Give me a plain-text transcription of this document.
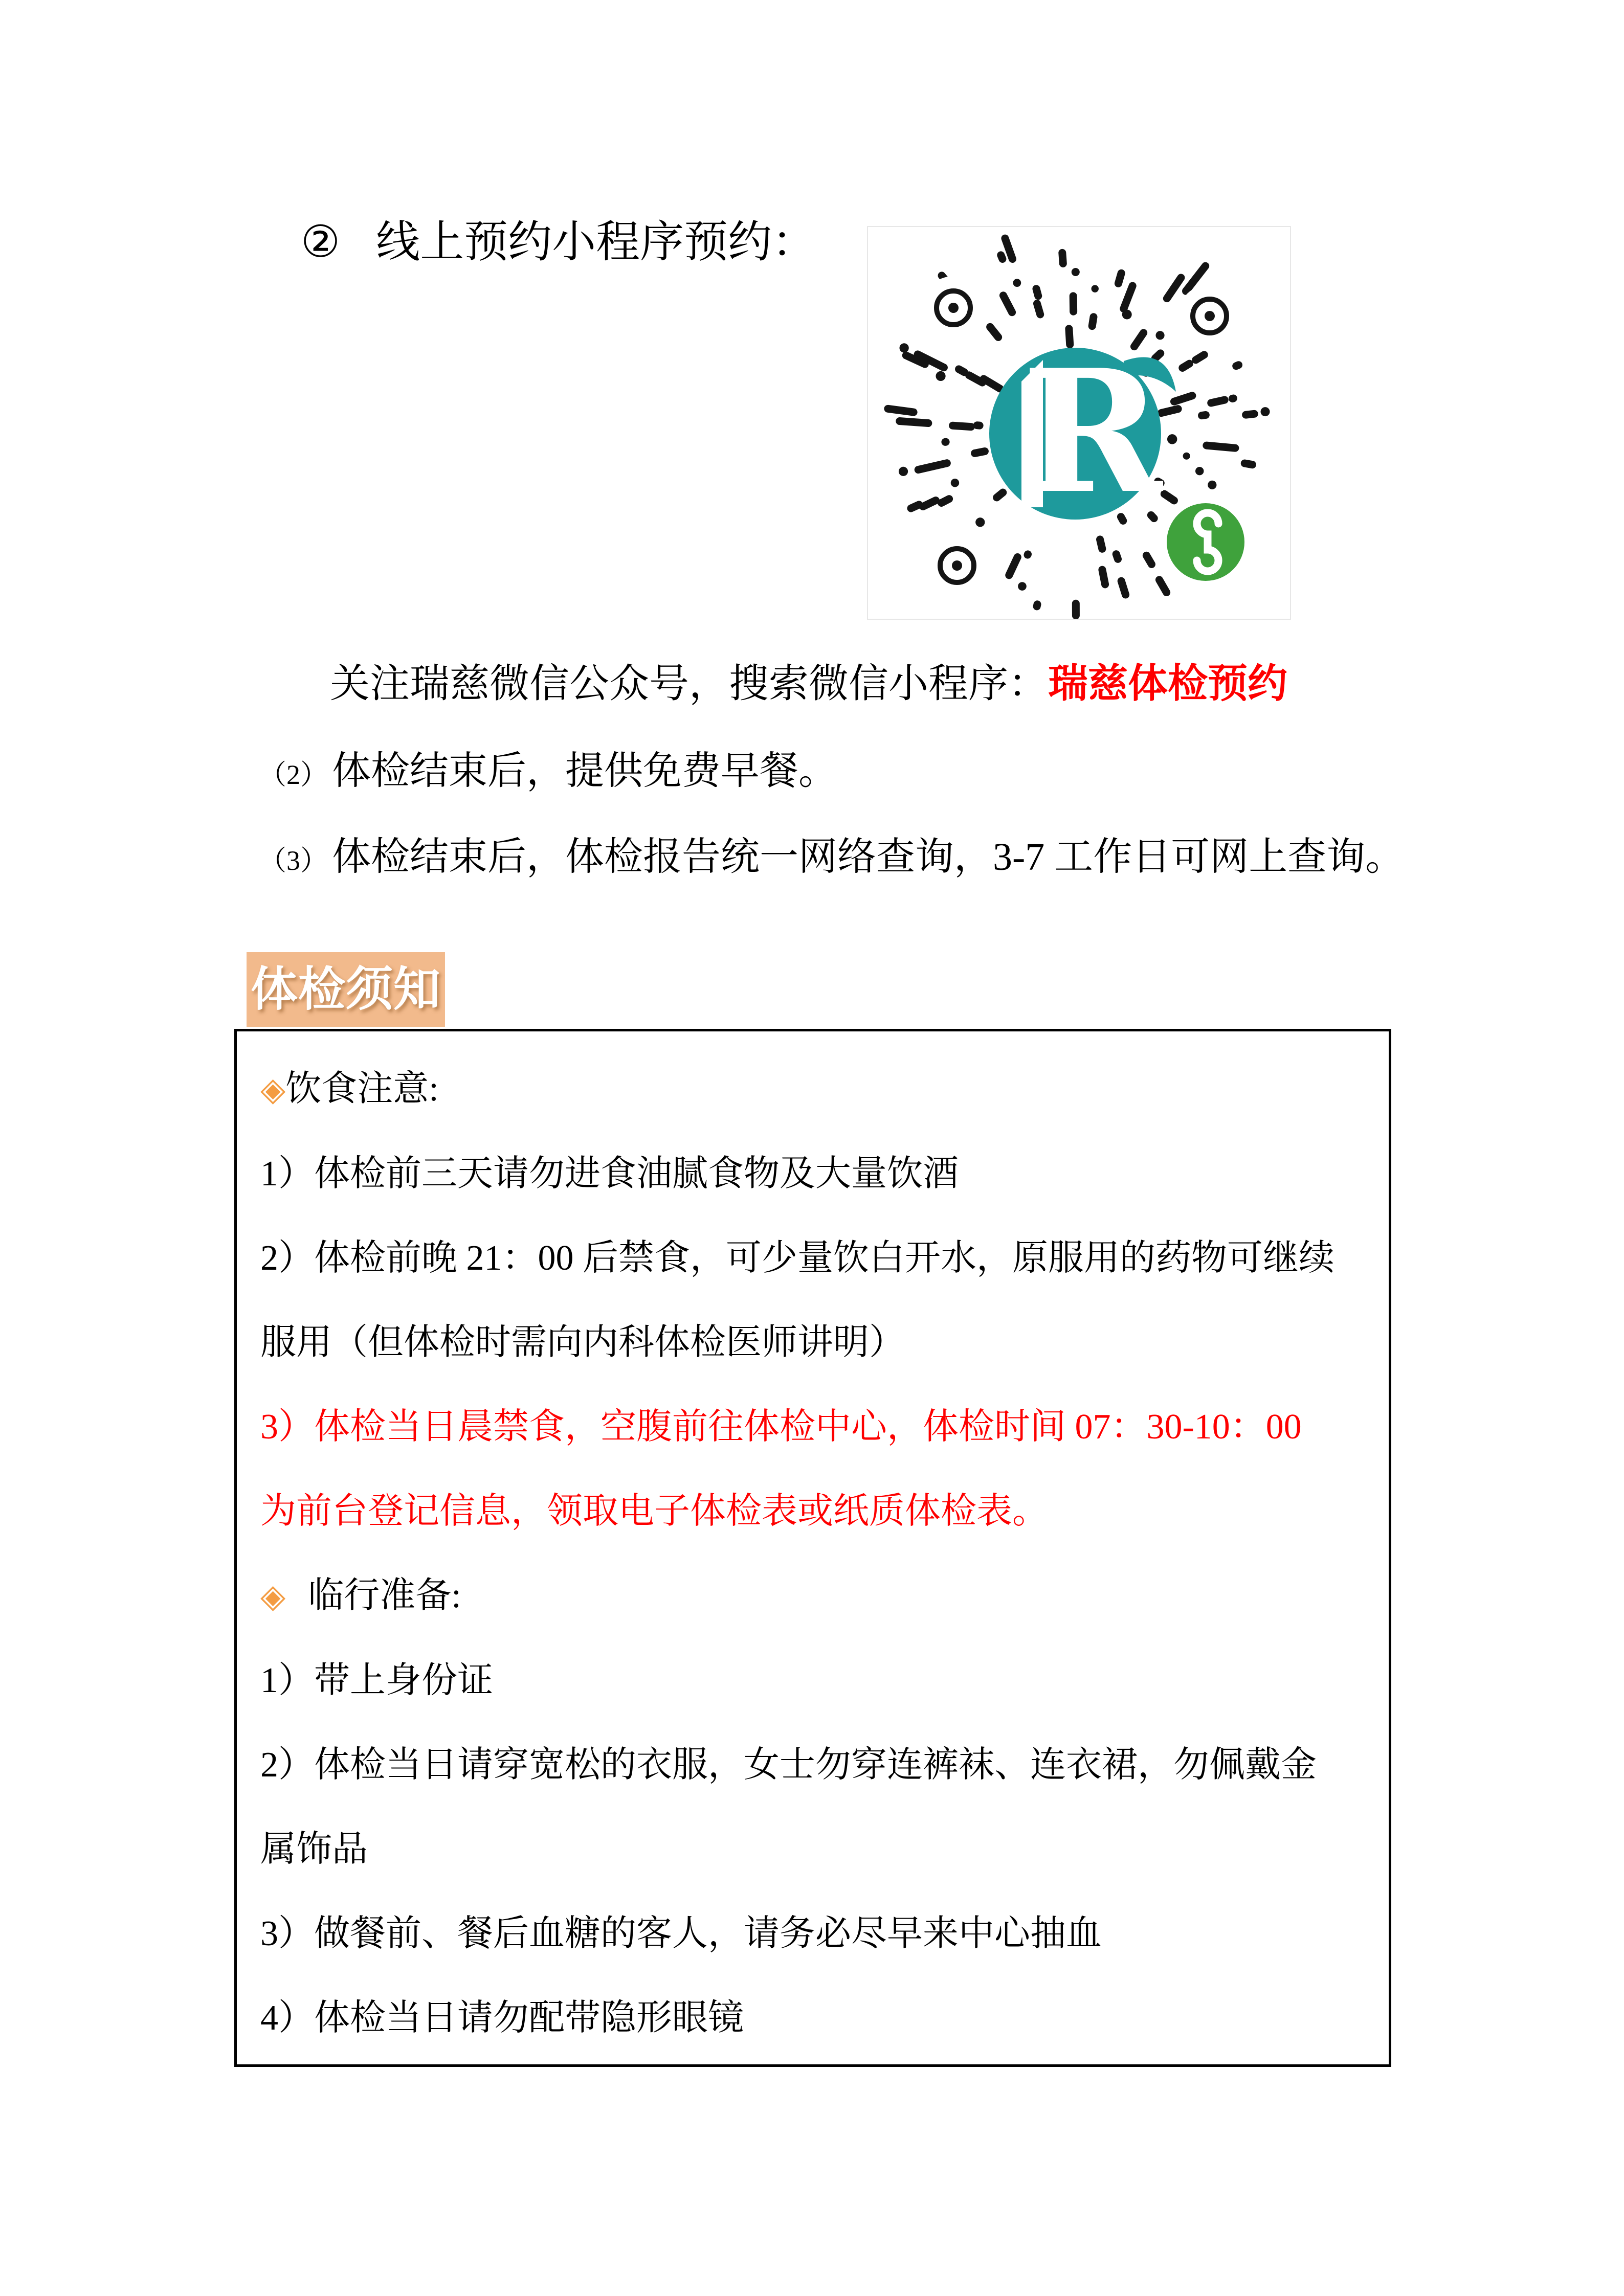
② 线上预约小程序预约：
R
关注瑞慈微信公众号，搜索微信小程序：瑞慈体检预约
（2） 体检结束后，提供免费早餐。
（3） 体检结束后，体检报告统一网络查询，3-7 工作日可网上查询。
体检须知
◈饮食注意:
1）体检前三天请勿进食油腻食物及大量饮酒
2）体检前晚 21：00 后禁食，可少量饮白开水，原服用的药物可继续
服用（但体检时需向内科体检医师讲明）
3）体检当日晨禁食，空腹前往体检中心，体检时间 07：30-10：00
为前台登记信息，领取电子体检表或纸质体检表。
◈ 临行准备:
1）带上身份证
2）体检当日请穿宽松的衣服，女士勿穿连裤袜、连衣裙，勿佩戴金
属饰品
3）做餐前、餐后血糖的客人，请务必尽早来中心抽血
4）体检当日请勿配带隐形眼镜
